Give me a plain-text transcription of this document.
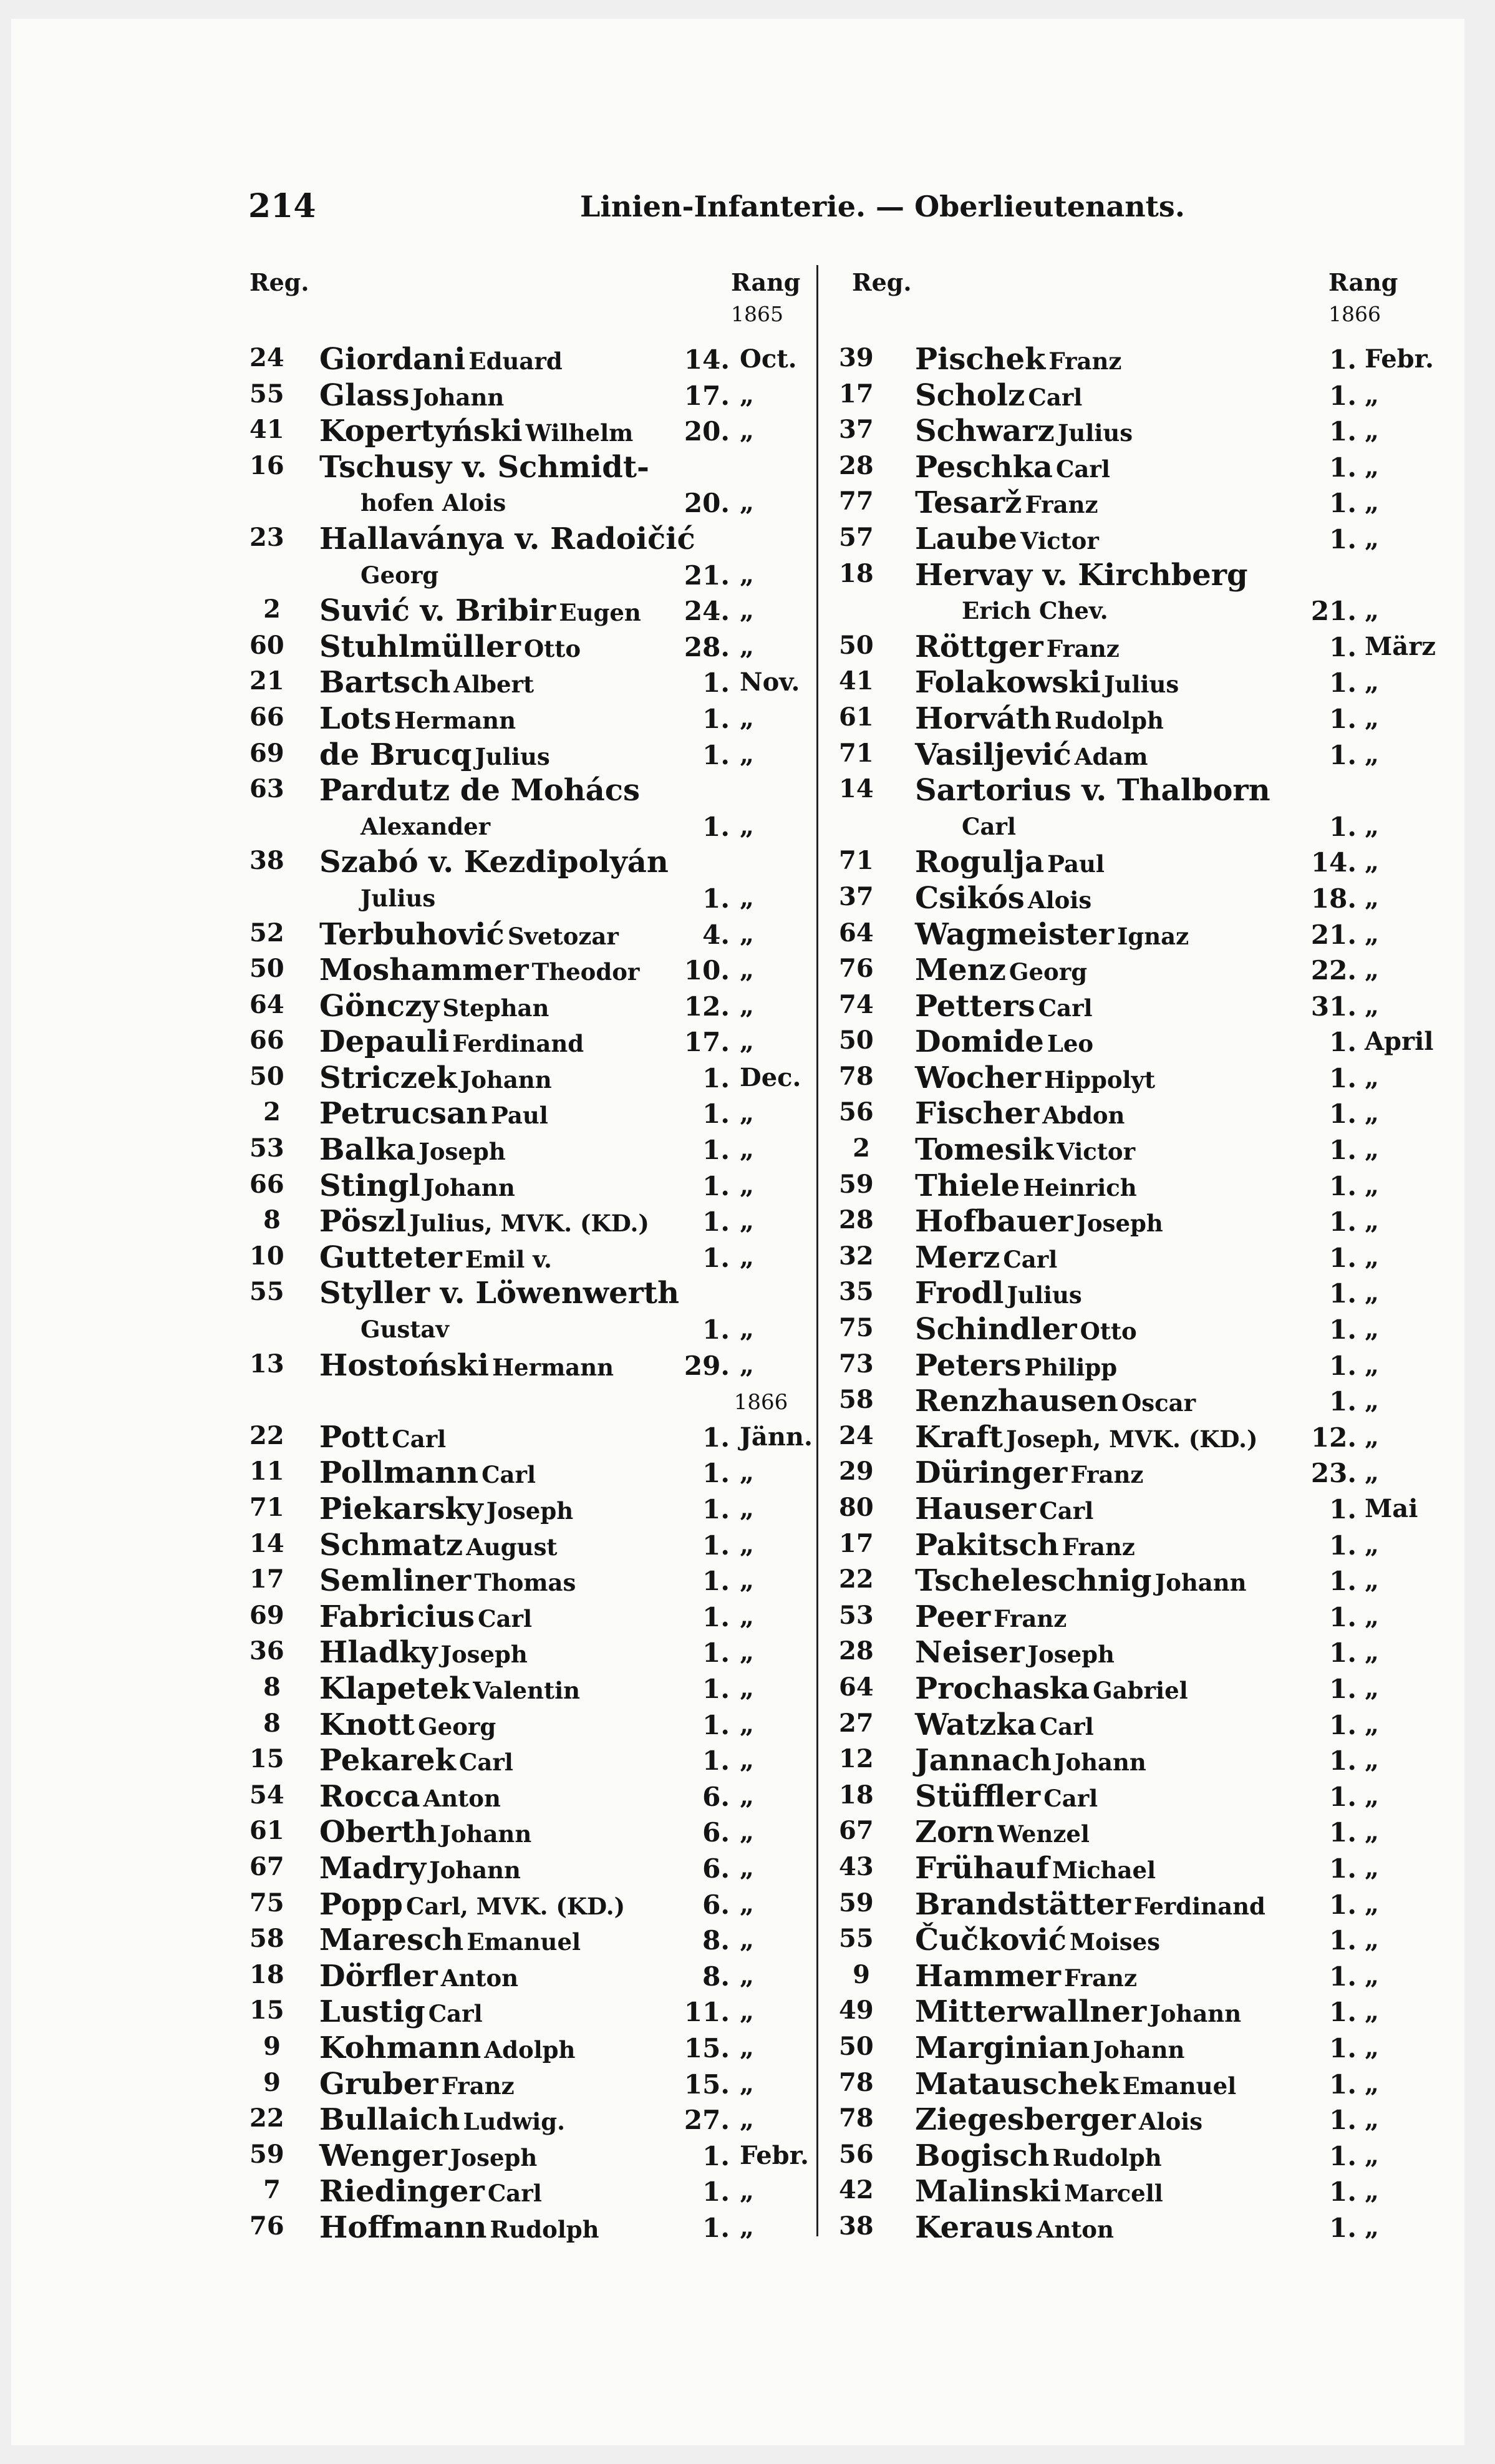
214	Linien-Infanterie. — Oberlieutenants.
Reg.	Rang
1865
Reg.	Rang
1866
24 Giordani Eduard	14. Oct.
55 Glass Johann	17. „
41 Kopertyński Wilhelm	20. „
16 Tschusy v. Schmidt-
hofen Alois	20. „
23 Hallaványa v. Radoičić
Georg	21. „
2 Suvić v. Bribir Eugen	24. „
60 Stuhlmüller Otto	28. „
21 Bartsch Albert	1. Nov.
66 Lots Hermann	1. „
69 de Brucq Julius	1. „
63 Pardutz de Mohács
Alexander	1. „
38 Szabó v. Kezdipolyán
Julius	1. „
52 Terbuhović Svetozar	4. „
50 Moshammer Theodor	10. „
64 Gönczy Stephan	12. „
66 Depauli Ferdinand	17. „
50 Striczek Johann	1. Dec.
2 Petrucsan Paul	1. „
53 Balka Joseph	1. „
66 Stingl Johann	1. „
8 Pöszl Julius, MVK. (KD.)	1. „
10 Gutteter Emil v.	1. „
55 Styller v. Löwenwerth
Gustav	1. „
13 Hostoński Hermann	29. „
1866
22 Pott Carl	1. Jänn.
11 Pollmann Carl	1. „
71 Piekarsky Joseph	1. „
14 Schmatz August	1. „
17 Semliner Thomas	1. „
69 Fabricius Carl	1. „
36 Hladky Joseph	1. „
8 Klapetek Valentin	1. „
8 Knott Georg	1. „
15 Pekarek Carl	1. „
54 Rocca Anton	6. „
61 Oberth Johann	6. „
67 Madry Johann	6. „
75 Popp Carl, MVK. (KD.)	6. „
58 Maresch Emanuel	8. „
18 Dörfler Anton	8. „
15 Lustig Carl	11. „
9 Kohmann Adolph	15. „
9 Gruber Franz	15. „
22 Bullaich Ludwig.	27. „
59 Wenger Joseph	1. Febr.
7 Riedinger Carl	1. „
76 Hoffmann Rudolph	1. „
39 Pischek Franz	1. Febr.
17 Scholz Carl	1. „
37 Schwarz Julius	1. „
28 Peschka Carl	1. „
77 Tesarž Franz	1. „
57 Laube Victor	1. „
18 Hervay v. Kirchberg
Erich Chev.	21. „
50 Röttger Franz	1. März
41 Folakowski Julius	1. „
61 Horváth Rudolph	1. „
71 Vasiljević Adam	1. „
14 Sartorius v. Thalborn
Carl	1. „
71 Rogulja Paul	14. „
37 Csikós Alois	18. „
64 Wagmeister Ignaz	21. „
76 Menz Georg	22. „
74 Petters Carl	31. „
50 Domide Leo	1. April
78 Wocher Hippolyt	1. „
56 Fischer Abdon	1. „
2 Tomesik Victor	1. „
59 Thiele Heinrich	1. „
28 Hofbauer Joseph	1. „
32 Merz Carl	1. „
35 Frodl Julius	1. „
75 Schindler Otto	1. „
73 Peters Philipp	1. „
58 Renzhausen Oscar	1. „
24 Kraft Joseph, MVK. (KD.)	12. „
29 Düringer Franz	23. „
80 Hauser Carl	1. Mai
17 Pakitsch Franz	1. „
22 Tscheleschnig Johann	1. „
53 Peer Franz	1. „
28 Neiser Joseph	1. „
64 Prochaska Gabriel	1. „
27 Watzka Carl	1. „
12 Jannach Johann	1. „
18 Stüffler Carl	1. „
67 Zorn Wenzel	1. „
43 Frühauf Michael	1. „
59 Brandstätter Ferdinand	1. „
55 Čučković Moises	1. „
9 Hammer Franz	1. „
49 Mitterwallner Johann	1. „
50 Marginian Johann	1. „
78 Matauschek Emanuel	1. „
78 Ziegesberger Alois	1. „
56 Bogisch Rudolph	1. „
42 Malinski Marcell	1. „
38 Keraus Anton	1. „
